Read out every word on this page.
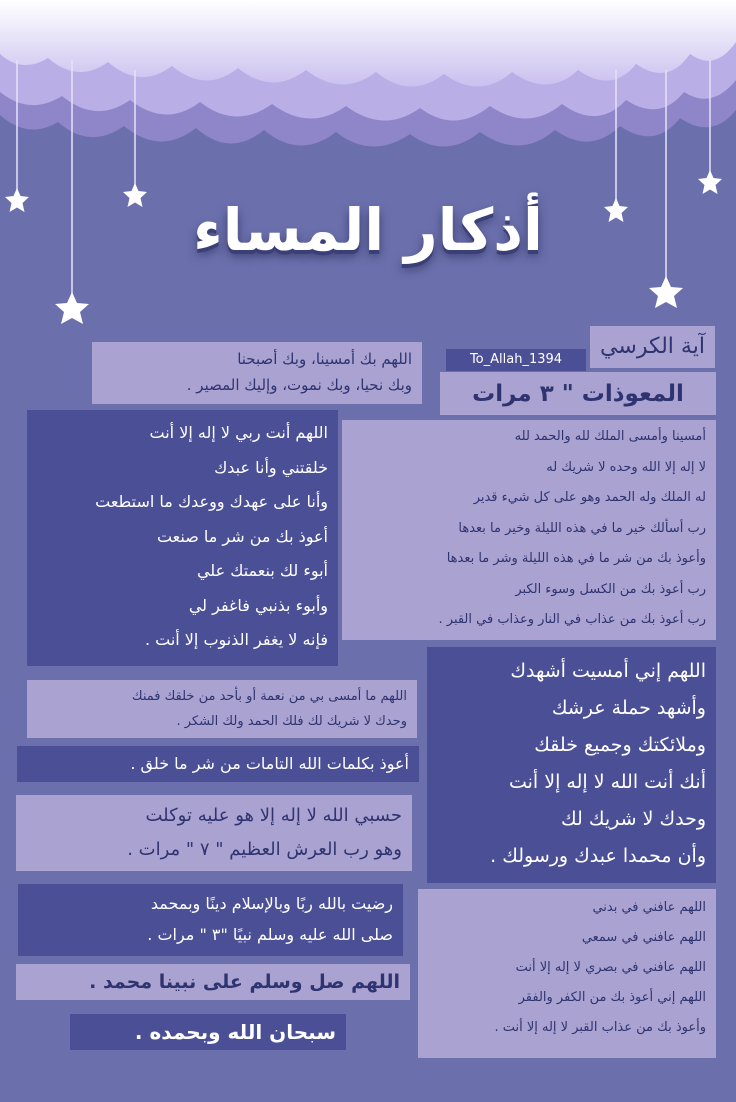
أذكار المساء
آية الكرسي
To_Allah_1394
المعوذات " ٣ مرات
اللهم بك أمسينا، وبك أصبحنا
وبك نحيا، وبك نموت، وإليك المصير .
اللهم أنت ربي لا إله إلا أنت
خلقتني وأنا عبدك
وأنا على عهدك ووعدك ما استطعت
أعوذ بك من شر ما صنعت
أبوء لك بنعمتك علي
وأبوء بذنبي فاغفر لي
فإنه لا يغفر الذنوب إلا أنت .
أمسينا وأمسى الملك لله والحمد لله
لا إله إلا الله وحده لا شريك له
له الملك وله الحمد وهو على كل شيء قدير
رب أسألك خير ما في هذه الليلة وخير ما بعدها
وأعوذ بك من شر ما في هذه الليلة وشر ما بعدها
رب أعوذ بك من الكسل وسوء الكبر
رب أعوذ بك من عذاب في النار وعذاب في القبر .
اللهم إني أمسيت أشهدك
وأشهد حملة عرشك
وملائكتك وجميع خلقك
أنك أنت الله لا إله إلا أنت
وحدك لا شريك لك
وأن محمدا عبدك ورسولك .
اللهم ما أمسى بي من نعمة أو بأحد من خلقك فمنك
وحدك لا شريك لك فلك الحمد ولك الشكر .
أعوذ بكلمات الله التامات من شر ما خلق .
حسبي الله لا إله إلا هو عليه توكلت
وهو رب العرش العظيم " ٧ " مرات .
رضيت بالله ربًا وبالإسلام دينًا وبمحمد
صلى الله عليه وسلم نبيًا "٣ " مرات .
اللهم عافني في بدني
اللهم عافني في سمعي
اللهم عافني في بصري لا إله إلا أنت
اللهم إني أعوذ بك من الكفر والفقر
وأعوذ بك من عذاب القبر لا إله إلا أنت .
اللهم صل وسلم على نبينا محمد .
سبحان الله وبحمده .
